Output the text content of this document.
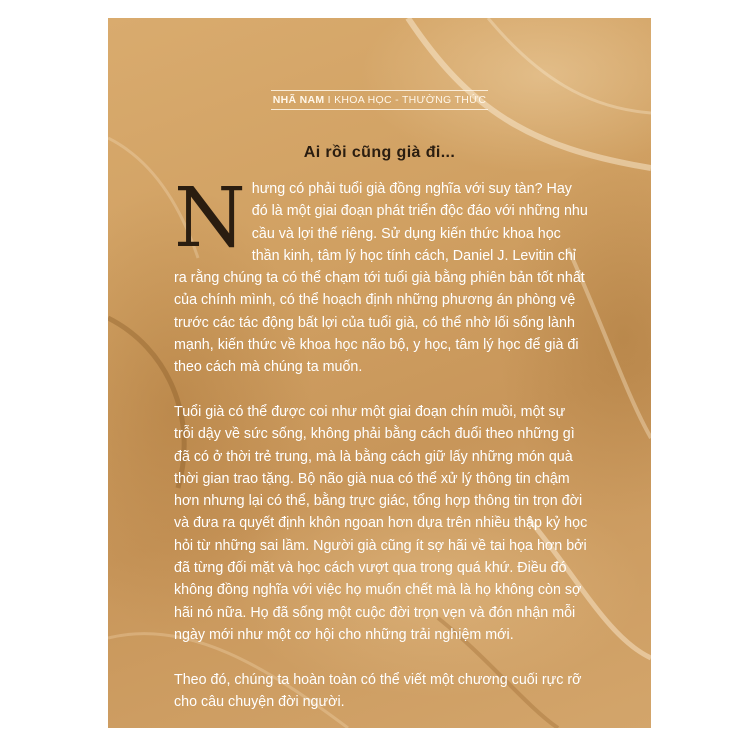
NHÃ NAM I KHOA HỌC - THƯỜNG THỨC
Ai rồi cũng già đi...

N hưng có phải tuổi già đồng nghĩa với suy tàn? Hay đó là một giai đoạn phát triển độc đáo với những nhu cầu và lợi thế riêng. Sử dụng kiến thức khoa học thần kinh, tâm lý học tính cách, Daniel J. Levitin chỉ ra rằng chúng ta có thể chạm tới tuổi già bằng phiên bản tốt nhất của chính mình, có thể hoạch định những phương án phòng vệ trước các tác động bất lợi của tuổi già, có thể nhờ lối sống lành mạnh, kiến thức về khoa học não bộ, y học, tâm lý học để già đi theo cách mà chúng ta muốn.

Tuổi già có thể được coi như một giai đoạn chín muồi, một sự trỗi dậy về sức sống, không phải bằng cách đuổi theo những gì đã có ở thời trẻ trung, mà là bằng cách giữ lấy những món quà thời gian trao tặng. Bộ não già nua có thể xử lý thông tin chậm hơn nhưng lại có thể, bằng trực giác, tổng hợp thông tin trọn đời và đưa ra quyết định khôn ngoan hơn dựa trên nhiều thập kỷ học hỏi từ những sai lầm. Người già cũng ít sợ hãi về tai họa hơn bởi đã từng đối mặt và học cách vượt qua trong quá khứ. Điều đó không đồng nghĩa với việc họ muốn chết mà là họ không còn sợ hãi nó nữa. Họ đã sống một cuộc đời trọn vẹn và đón nhận mỗi ngày mới như một cơ hội cho những trải nghiệm mới.

Theo đó, chúng ta hoàn toàn có thể viết một chương cuối rực rỡ cho câu chuyện đời người.
